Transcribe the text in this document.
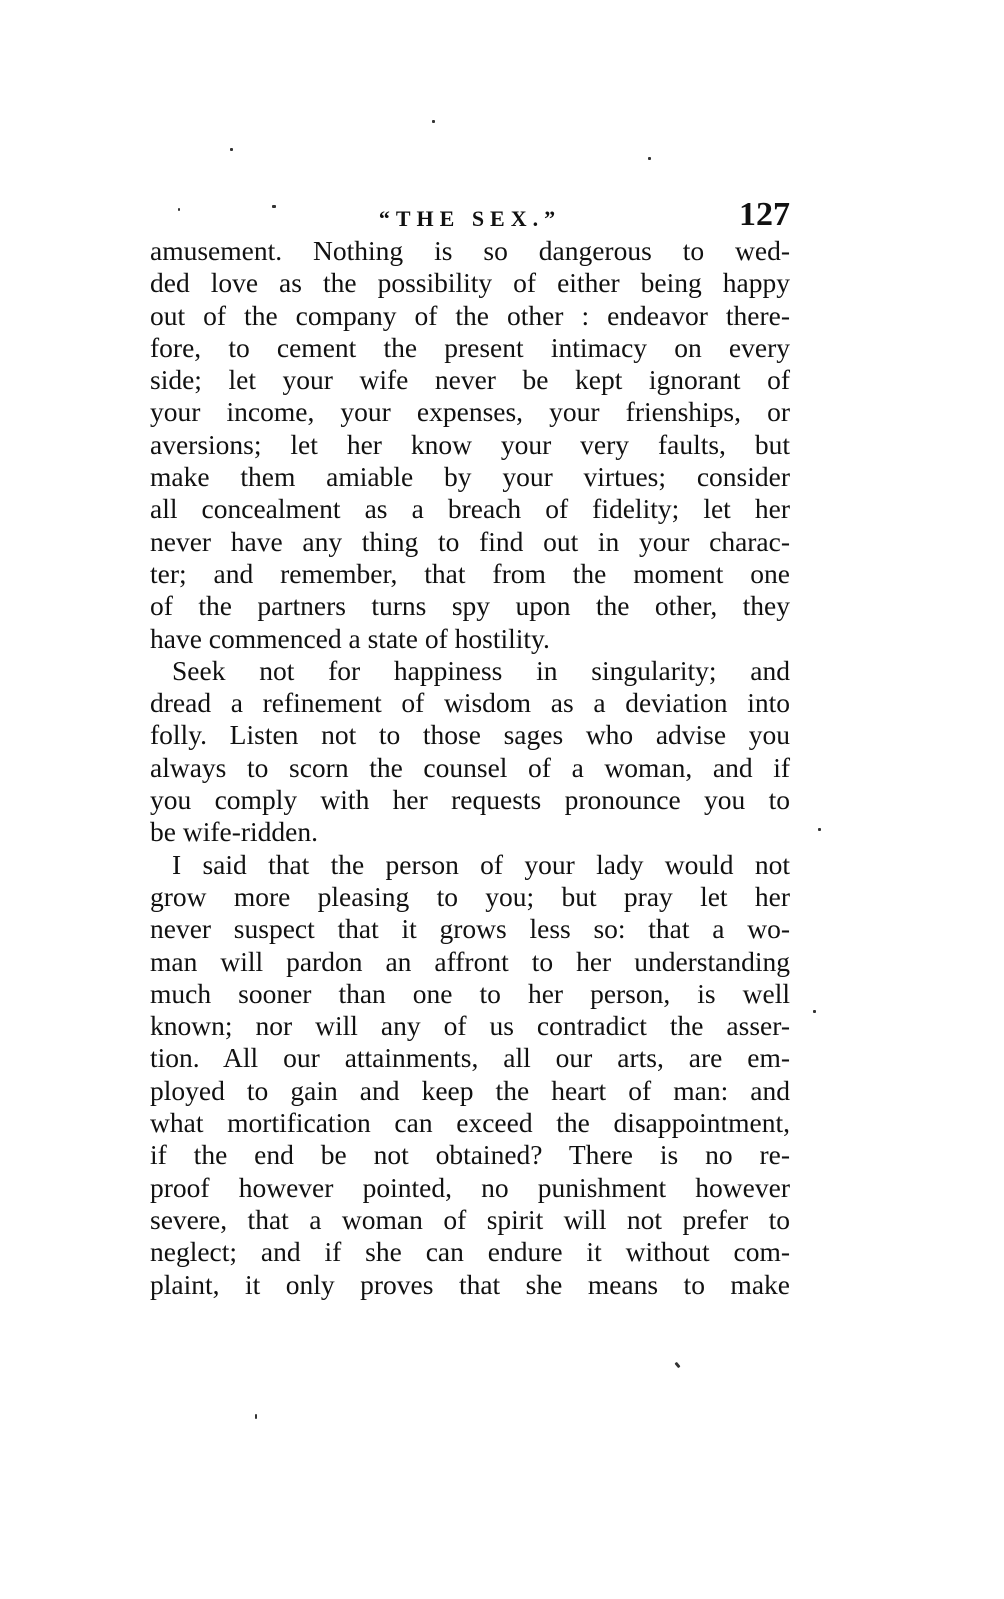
“THE SEX.”	127
amusement. Nothing is so dangerous to wed-
ded love as the possibility of either being happy
out of the company of the other : endeavor there-
fore, to cement the present intimacy on every
side; let your wife never be kept ignorant of
your income, your expenses, your frienships, or
aversions; let her know your very faults, but
make them amiable by your virtues; consider
all concealment as a breach of fidelity; let her
never have any thing to find out in your charac-
ter; and remember, that from the moment one
of the partners turns spy upon the other, they
have commenced a state of hostility.
Seek not for happiness in singularity; and
dread a refinement of wisdom as a deviation into
folly. Listen not to those sages who advise you
always to scorn the counsel of a woman, and if
you comply with her requests pronounce you to
be wife-ridden.
I said that the person of your lady would not
grow more pleasing to you; but pray let her
never suspect that it grows less so: that a wo-
man will pardon an affront to her understanding
much sooner than one to her person, is well
known; nor will any of us contradict the asser-
tion. All our attainments, all our arts, are em-
ployed to gain and keep the heart of man: and
what mortification can exceed the disappointment,
if the end be not obtained? There is no re-
proof however pointed, no punishment however
severe, that a woman of spirit will not prefer to
neglect; and if she can endure it without com-
plaint, it only proves that she means to make
